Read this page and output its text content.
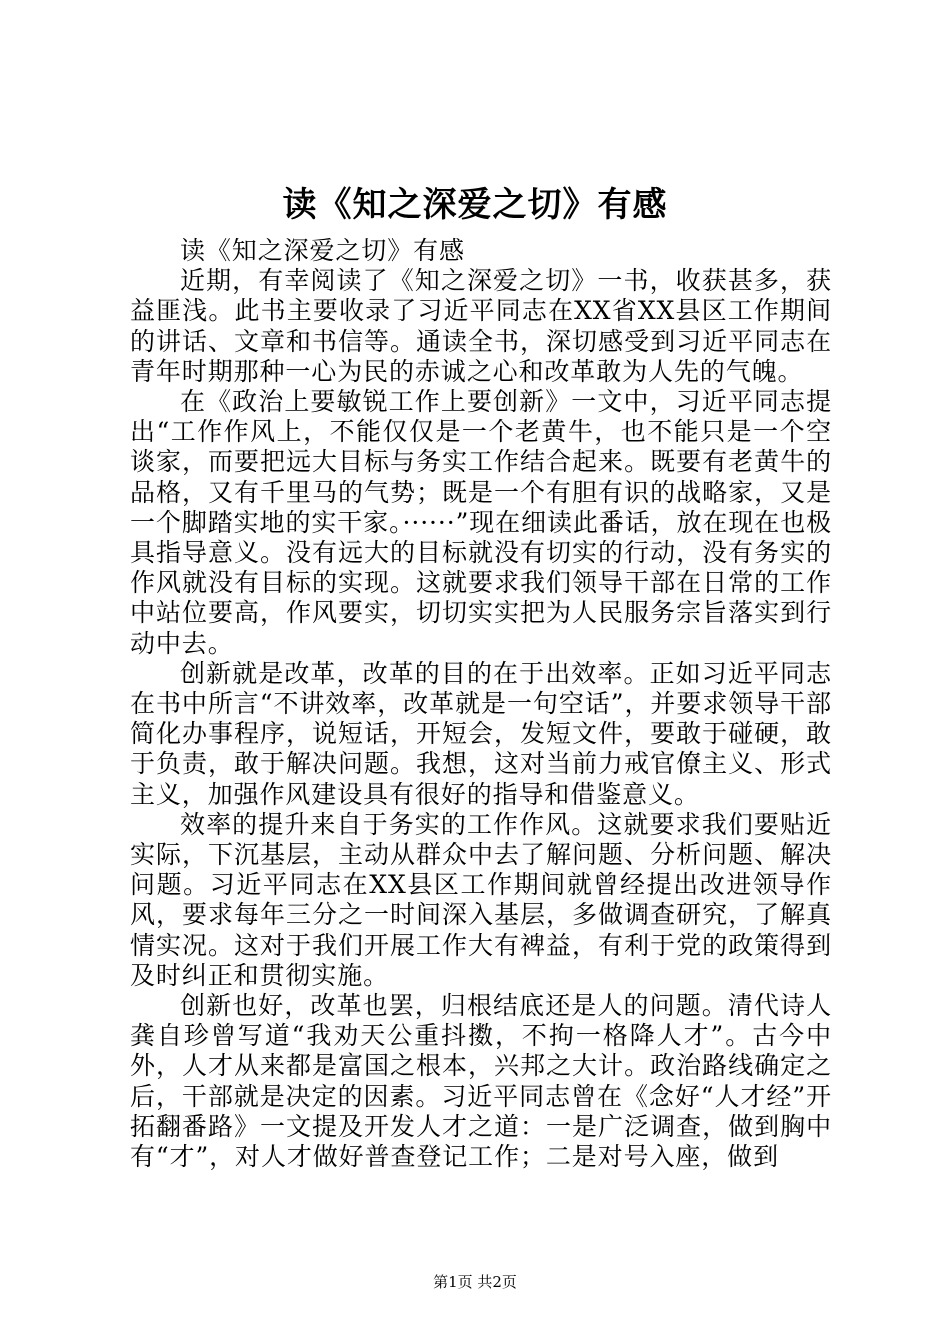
读《知之深爱之切》有感

读《知之深爱之切》有感

近期，有幸阅读了《知之深爱之切》一书，收获甚多，获益匪浅。此书主要收录了习近平同志在XX省XX县区工作期间的讲话、文章和书信等。通读全书，深切感受到习近平同志在青年时期那种一心为民的赤诚之心和改革敢为人先的气魄。

在《政治上要敏锐工作上要创新》一文中，习近平同志提出“工作作风上，不能仅仅是一个老黄牛，也不能只是一个空谈家，而要把远大目标与务实工作结合起来。既要有老黄牛的品格，又有千里马的气势；既是一个有胆有识的战略家，又是一个脚踏实地的实干家。······”现在细读此番话，放在现在也极具指导意义。没有远大的目标就没有切实的行动，没有务实的作风就没有目标的实现。这就要求我们领导干部在日常的工作中站位要高，作风要实，切切实实把为人民服务宗旨落实到行动中去。

创新就是改革，改革的目的在于出效率。正如习近平同志在书中所言“不讲效率，改革就是一句空话”，并要求领导干部简化办事程序，说短话，开短会，发短文件，要敢于碰硬，敢于负责，敢于解决问题。我想，这对当前力戒官僚主义、形式主义，加强作风建设具有很好的指导和借鉴意义。

效率的提升来自于务实的工作作风。这就要求我们要贴近实际，下沉基层，主动从群众中去了解问题、分析问题、解决问题。习近平同志在XX县区工作期间就曾经提出改进领导作风，要求每年三分之一时间深入基层，多做调查研究，了解真情实况。这对于我们开展工作大有裨益，有利于党的政策得到及时纠正和贯彻实施。

创新也好，改革也罢，归根结底还是人的问题。清代诗人龚自珍曾写道“我劝天公重抖擞，不拘一格降人才”。古今中外，人才从来都是富国之根本，兴邦之大计。政治路线确定之后，干部就是决定的因素。习近平同志曾在《念好“人才经”开拓翻番路》一文提及开发人才之道：一是广泛调查，做到胸中有“才”，对人才做好普查登记工作；二是对号入座，做到

第1页 共2页
